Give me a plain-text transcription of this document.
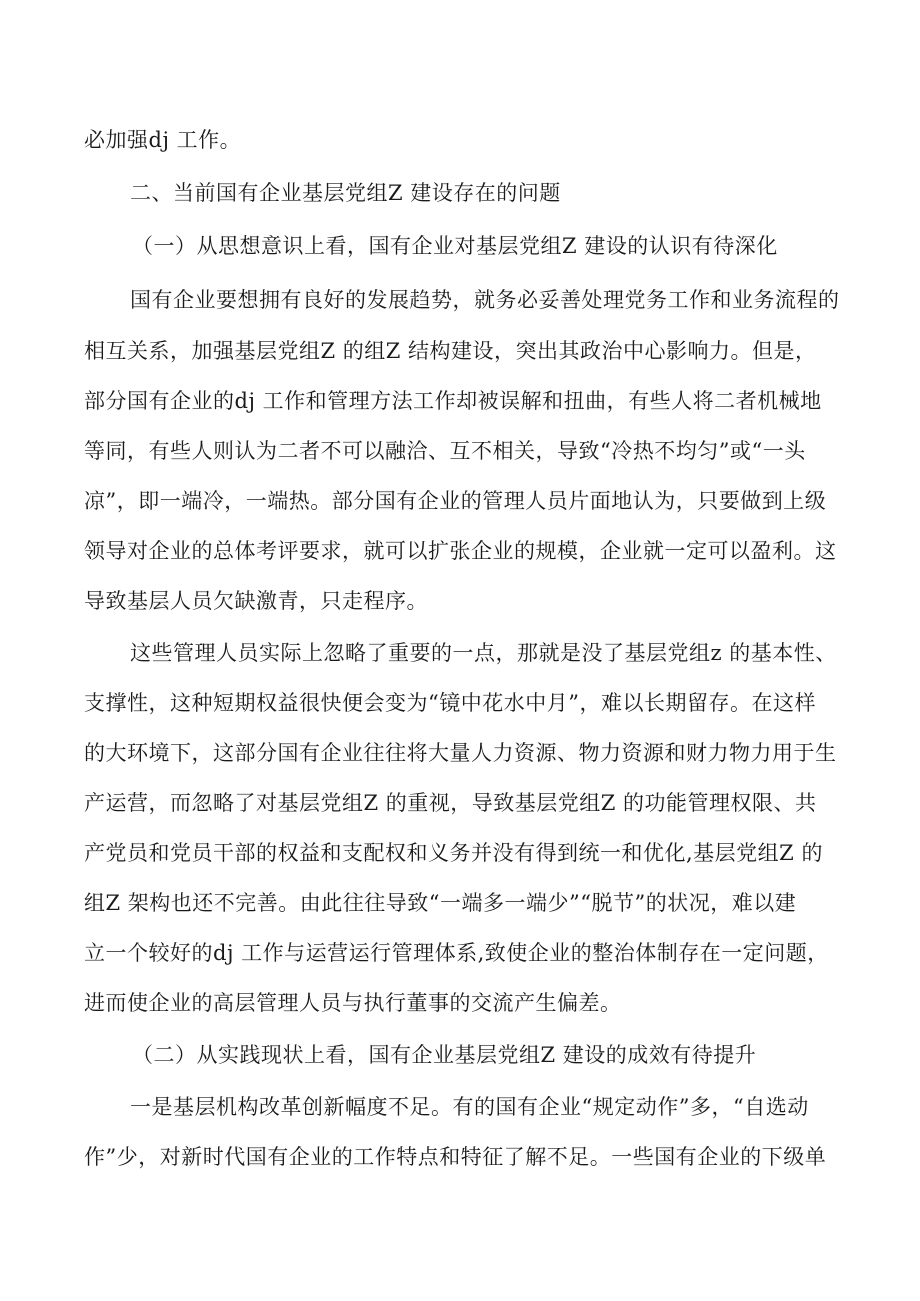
必加强dj 工作。
二、当前国有企业基层党组Z 建设存在的问题
（一）从思想意识上看，国有企业对基层党组Z 建设的认识有待深化
国有企业要想拥有良好的发展趋势，就务必妥善处理党务工作和业务流程的
相互关系，加强基层党组Z 的组Z 结构建设，突出其政治中心影响力。但是，
部分国有企业的dj 工作和管理方法工作却被误解和扭曲，有些人将二者机械地
等同，有些人则认为二者不可以融洽、互不相关，导致“冷热不均匀”或“一头
凉”，即一端冷，一端热。部分国有企业的管理人员片面地认为，只要做到上级
领导对企业的总体考评要求，就可以扩张企业的规模，企业就一定可以盈利。这
导致基层人员欠缺激青，只走程序。
这些管理人员实际上忽略了重要的一点，那就是没了基层党组z 的基本性、
支撑性，这种短期权益很快便会变为“镜中花水中月”，难以长期留存。在这样
的大环境下，这部分国有企业往往将大量人力资源、物力资源和财力物力用于生
产运营，而忽略了对基层党组Z 的重视，导致基层党组Z 的功能管理权限、共
产党员和党员干部的权益和支配权和义务并没有得到统一和优化,基层党组Z 的
组Z 架构也还不完善。由此往往导致“一端多一端少”“脱节”的状况，难以建
立一个较好的dj 工作与运营运行管理体系,致使企业的整治体制存在一定问题，
进而使企业的高层管理人员与执行董事的交流产生偏差。
（二）从实践现状上看，国有企业基层党组Z 建设的成效有待提升
一是基层机构改革创新幅度不足。有的国有企业“规定动作”多，“自选动
作”少，对新时代国有企业的工作特点和特征了解不足。一些国有企业的下级单
